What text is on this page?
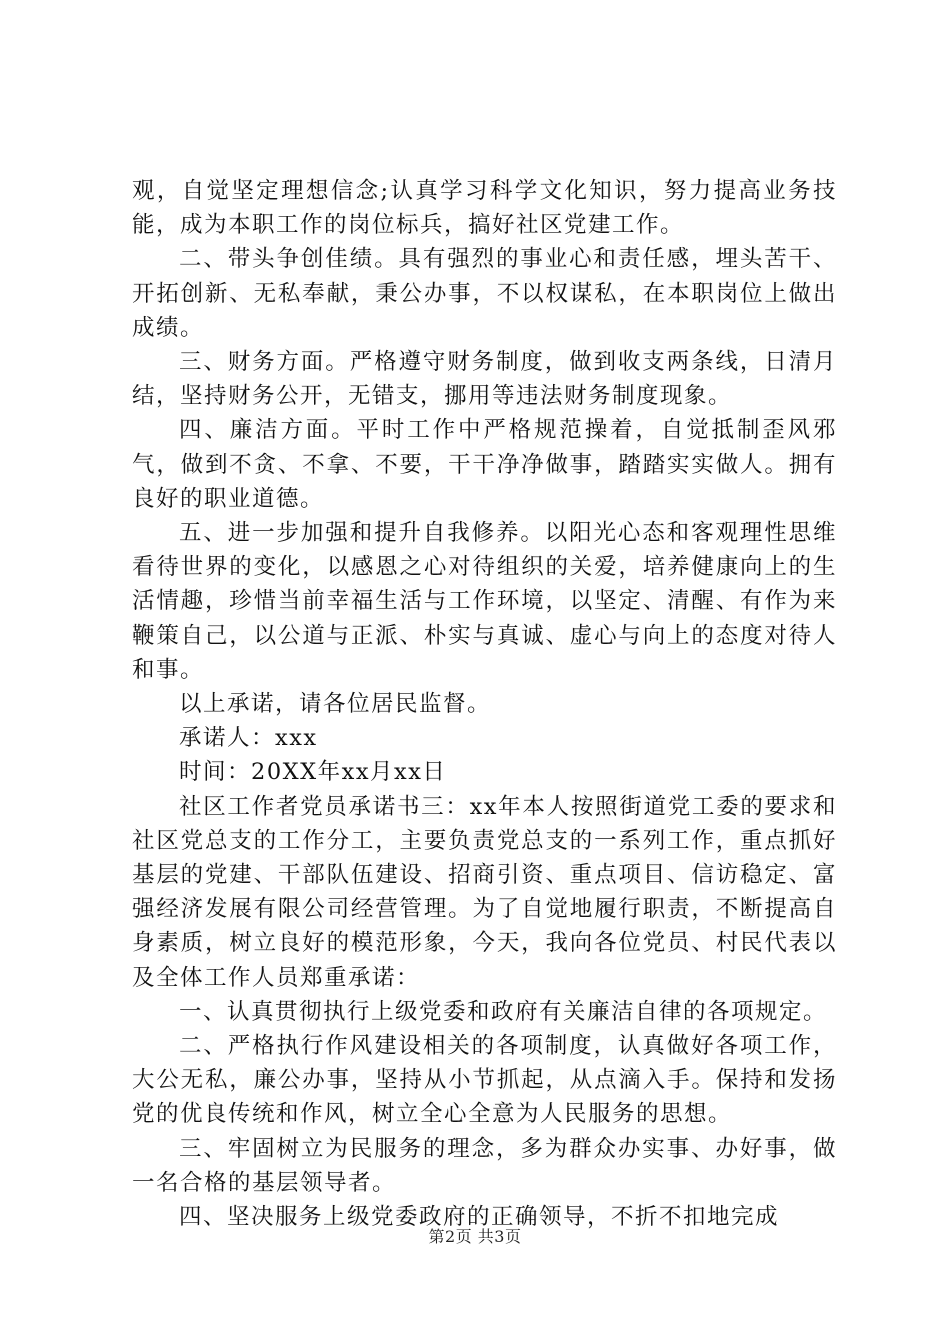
观，自觉坚定理想信念;认真学习科学文化知识，努力提高业务技能，成为本职工作的岗位标兵，搞好社区党建工作。

二、带头争创佳绩。具有强烈的事业心和责任感，埋头苦干、开拓创新、无私奉献，秉公办事，不以权谋私，在本职岗位上做出成绩。

三、财务方面。严格遵守财务制度，做到收支两条线，日清月结，坚持财务公开，无错支，挪用等违法财务制度现象。

四、廉洁方面。平时工作中严格规范操着，自觉抵制歪风邪气，做到不贪、不拿、不要，干干净净做事，踏踏实实做人。拥有良好的职业道德。

五、进一步加强和提升自我修养。以阳光心态和客观理性思维看待世界的变化，以感恩之心对待组织的关爱，培养健康向上的生活情趣，珍惜当前幸福生活与工作环境，以坚定、清醒、有作为来鞭策自己，以公道与正派、朴实与真诚、虚心与向上的态度对待人和事。

以上承诺，请各位居民监督。

承诺人：xxx

时间：20XX年xx月xx日

社区工作者党员承诺书三：xx年本人按照街道党工委的要求和社区党总支的工作分工，主要负责党总支的一系列工作，重点抓好基层的党建、干部队伍建设、招商引资、重点项目、信访稳定、富强经济发展有限公司经营管理。为了自觉地履行职责，不断提高自身素质，树立良好的模范形象，今天，我向各位党员、村民代表以及全体工作人员郑重承诺：

一、认真贯彻执行上级党委和政府有关廉洁自律的各项规定。

二、严格执行作风建设相关的各项制度，认真做好各项工作，大公无私，廉公办事，坚持从小节抓起，从点滴入手。保持和发扬党的优良传统和作风，树立全心全意为人民服务的思想。

三、牢固树立为民服务的理念，多为群众办实事、办好事，做一名合格的基层领导者。

四、坚决服务上级党委政府的正确领导，不折不扣地完成

第2页 共3页
